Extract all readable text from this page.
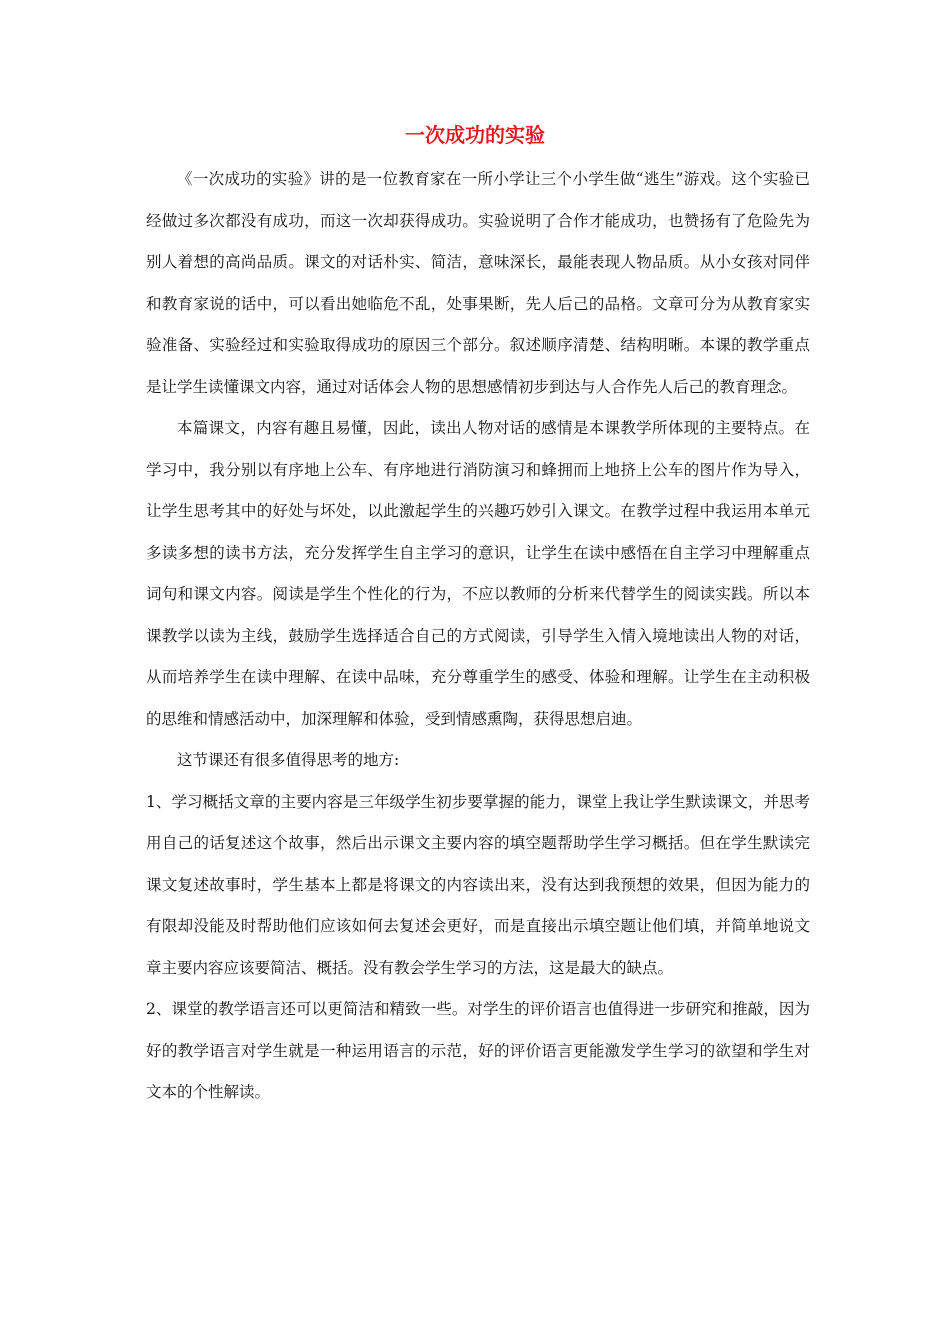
一次成功的实验

《一次成功的实验》讲的是一位教育家在一所小学让三个小学生做“逃生”游戏。这个实验已经做过多次都没有成功，而这一次却获得成功。实验说明了合作才能成功，也赞扬有了危险先为别人着想的高尚品质。课文的对话朴实、简洁，意味深长，最能表现人物品质。从小女孩对同伴和教育家说的话中，可以看出她临危不乱，处事果断，先人后己的品格。文章可分为从教育家实验准备、实验经过和实验取得成功的原因三个部分。叙述顺序清楚、结构明晰。本课的教学重点是让学生读懂课文内容，通过对话体会人物的思想感情初步到达与人合作先人后己的教育理念。

本篇课文，内容有趣且易懂，因此，读出人物对话的感情是本课教学所体现的主要特点。在学习中，我分别以有序地上公车、有序地进行消防演习和蜂拥而上地挤上公车的图片作为导入，让学生思考其中的好处与坏处，以此激起学生的兴趣巧妙引入课文。在教学过程中我运用本单元多读多想的读书方法，充分发挥学生自主学习的意识，让学生在读中感悟在自主学习中理解重点词句和课文内容。阅读是学生个性化的行为，不应以教师的分析来代替学生的阅读实践。所以本课教学以读为主线，鼓励学生选择适合自己的方式阅读，引导学生入情入境地读出人物的对话，从而培养学生在读中理解、在读中品味，充分尊重学生的感受、体验和理解。让学生在主动积极的思维和情感活动中，加深理解和体验，受到情感熏陶，获得思想启迪。

这节课还有很多值得思考的地方:

1、学习概括文章的主要内容是三年级学生初步要掌握的能力，课堂上我让学生默读课文，并思考用自己的话复述这个故事，然后出示课文主要内容的填空题帮助学生学习概括。但在学生默读完课文复述故事时，学生基本上都是将课文的内容读出来，没有达到我预想的效果，但因为能力的有限却没能及时帮助他们应该如何去复述会更好，而是直接出示填空题让他们填，并简单地说文章主要内容应该要简洁、概括。没有教会学生学习的方法，这是最大的缺点。

2、课堂的教学语言还可以更简洁和精致一些。对学生的评价语言也值得进一步研究和推敲，因为好的教学语言对学生就是一种运用语言的示范，好的评价语言更能激发学生学习的欲望和学生对文本的个性解读。
